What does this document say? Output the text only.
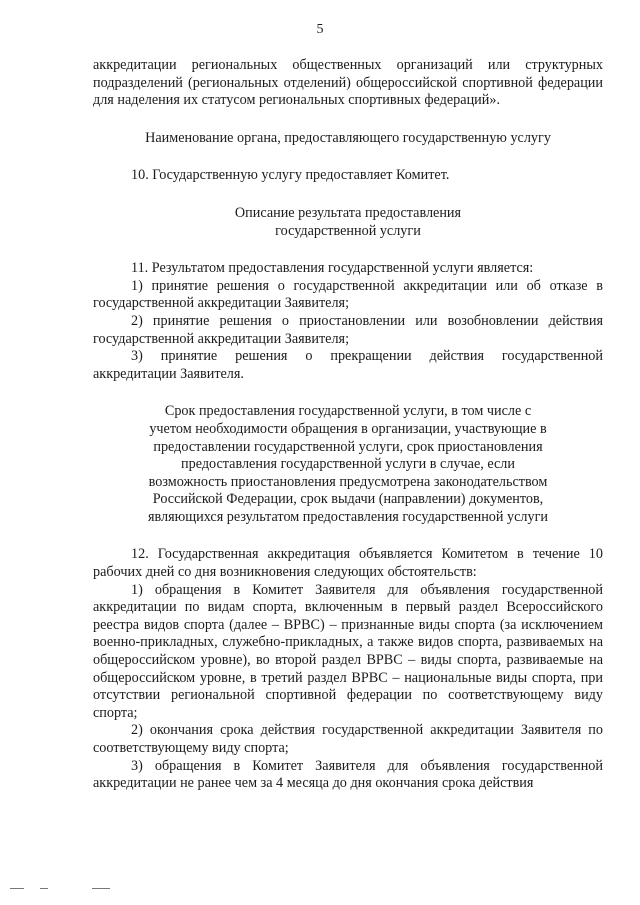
5

аккредитации региональных общественных организаций или структурных подразделений (региональных отделений) общероссийской спортивной федерации для наделения их статусом региональных спортивных федераций».

Наименование органа, предоставляющего государственную услугу

10. Государственную услугу предоставляет Комитет.

Описание результата предоставления

государственной услуги

11. Результатом предоставления государственной услуги является:

1) принятие решения о государственной аккредитации или об отказе в государственной аккредитации Заявителя;

2) принятие решения о приостановлении или возобновлении действия государственной аккредитации Заявителя;

3) принятие решения о прекращении действия государственной аккредитации Заявителя.

Срок предоставления государственной услуги, в том числе с учетом необходимости обращения в организации, участвующие в предоставлении государственной услуги, срок приостановления предоставления государственной услуги в случае, если возможность приостановления предусмотрена законодательством Российской Федерации, срок выдачи (направлении) документов, являющихся результатом предоставления государственной услуги

12. Государственная аккредитация объявляется Комитетом в течение 10 рабочих дней со дня возникновения следующих обстоятельств:

1) обращения в Комитет Заявителя для объявления государственной аккредитации по видам спорта, включенным в первый раздел Всероссийского реестра видов спорта (далее – ВРВС) – признанные виды спорта (за исключением военно-прикладных, служебно-прикладных, а также видов спорта, развиваемых на общероссийском уровне), во второй раздел ВРВС – виды спорта, развиваемые на общероссийском уровне, в третий раздел ВРВС – национальные виды спорта, при отсутствии региональной спортивной федерации по соответствующему виду спорта;

2) окончания срока действия государственной аккредитации Заявителя по соответствующему виду спорта;

3) обращения в Комитет Заявителя для объявления государственной аккредитации не ранее чем за 4 месяца до дня окончания срока действия
